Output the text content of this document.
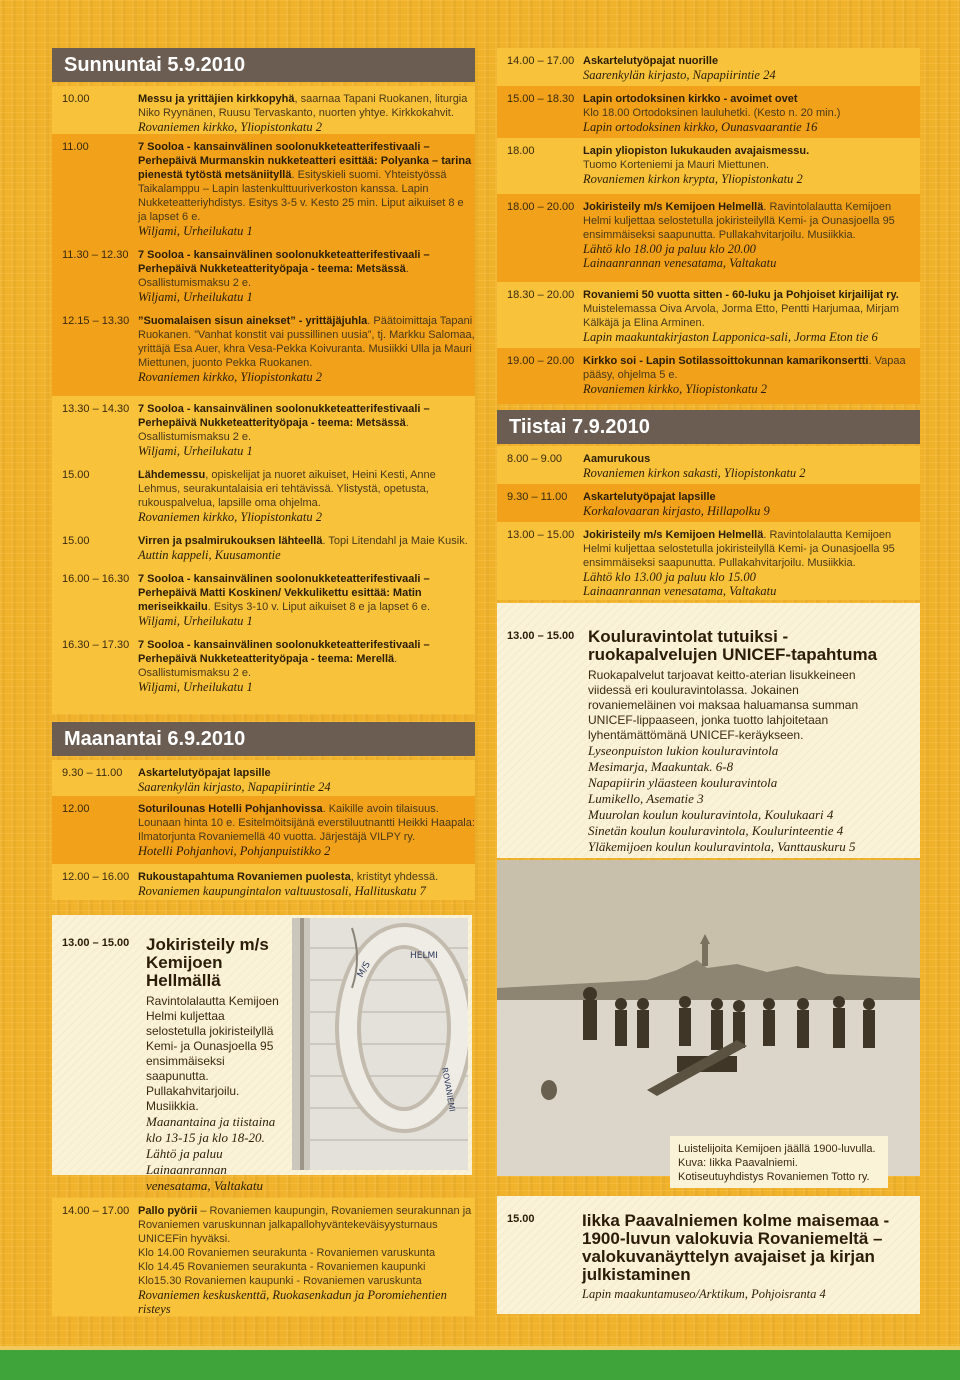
Sunnuntai 5.9.2010
10.00	Messu ja yrittäjien kirkkopyhä, saarnaa Tapani Ruokanen, liturgia Niko Ryynänen, Ruusu Tervaskanto, nuorten yhtye. Kirkkokahvit.
Rovaniemen kirkko, Yliopistonkatu 2
11.00	7 Sooloa - kansainvälinen soolonukketeatterifestivaali – Perhepäivä Murmanskin nukketeatteri esittää: Polyanka – tarina pienestä tytöstä metsäniityllä. Esityskieli suomi. Yhteistyössä Taikalamppu – Lapin lastenkulttuuriverkoston kanssa. Lapin Nukketeatteriyhdistys. Esitys 3-5 v. Kesto 25 min. Liput aikuiset 8 e ja lapset 6 e.
Wiljami, Urheilukatu 1
11.30 – 12.30 7 Sooloa - kansainvälinen soolonukketeatterifestivaali – Perhepäivä Nukketeatterityöpaja - teema: Metsässä. Osallistumismaksu 2 e.
Wiljami, Urheilukatu 1
12.15 – 13.30 ”Suomalaisen sisun ainekset” - yrittäjäjuhla. Päätoimittaja Tapani Ruokanen. ”Vanhat konstit vai pussillinen uusia”, tj. Markku Salomaa, yrittäjä Esa Auer, khra Vesa-Pekka Koivuranta. Musiikki Ulla ja Mauri Miettunen, juonto Pekka Ruokanen.
Rovaniemen kirkko, Yliopistonkatu 2
13.30 – 14.30 7 Sooloa - kansainvälinen soolonukketeatterifestivaali – Perhepäivä Nukketeatterityöpaja - teema: Metsässä. Osallistumismaksu 2 e.
Wiljami, Urheilukatu 1
15.00	Lähdemessu, opiskelijat ja nuoret aikuiset, Heini Kesti, Anne Lehmus, seurakuntalaisia eri tehtävissä. Ylistystä, opetusta, rukouspalvelua, lapsille oma ohjelma.
Rovaniemen kirkko, Yliopistonkatu 2
15.00	Virren ja psalmirukouksen lähteellä. Topi Litendahl ja Maie Kusik.
Auttin kappeli, Kuusamontie
16.00 – 16.30 7 Sooloa - kansainvälinen soolonukketeatterifestivaali – Perhepäivä Matti Koskinen/ Vekkulikettu esittää: Matin meriseikkailu. Esitys 3-10 v. Liput aikuiset 8 e ja lapset 6 e.
Wiljami, Urheilukatu 1
16.30 – 17.30 7 Sooloa - kansainvälinen soolonukketeatterifestivaali – Perhepäivä Nukketeatterityöpaja - teema: Merellä. Osallistumismaksu 2 e.
Wiljami, Urheilukatu 1
Maanantai 6.9.2010
9.30 – 11.00	Askartelutyöpajat lapsille
Saarenkylän kirjasto, Napapiirintie 24
12.00	Soturilounas Hotelli Pohjanhovissa. Kaikille avoin tilaisuus. Lounaan hinta 10 e. Esitelmöitsijänä everstiluutnantti Heikki Haapala: Ilmatorjunta Rovaniemellä 40 vuotta. Järjestäjä VILPY ry.
Hotelli Pohjanhovi, Pohjanpuistikko 2
12.00 – 16.00 Rukoustapahtuma Rovaniemen puolesta, kristityt yhdessä.
Rovaniemen kaupungintalon valtuustosali, Hallituskatu 7
13.00 – 15.00 Jokiristeily m/s Kemijoen Hellmällä
Ravintolalautta Kemijoen Helmi kuljettaa selostetulla jokiristeilyllä Kemi- ja Ounasjoella 95 ensimmäiseksi saapunutta. Pullakahvitarjoilu. Musiikkia.
Maanantaina ja tiistaina klo 13-15 ja klo 18-20. Lähtö ja paluu Lainaanrannan venesatama, Valtakatu
M/S
HELMI
ROVANIEMI
14.00 – 17.00 Pallo pyörii – Rovaniemen kaupungin, Rovaniemen seurakunnan ja Rovaniemen varuskunnan jalkapallohyväntekeväisyysturnaus UNICEFin hyväksi.
Klo 14.00 Rovaniemen seurakunta - Rovaniemen varuskunta
Klo 14.45 Rovaniemen seurakunta - Rovaniemen kaupunki
Klo15.30 Rovaniemen kaupunki - Rovaniemen varuskunta
Rovaniemen keskuskenttä, Ruokasenkadun ja Poromiehentien risteys
14.00 – 17.00 Askartelutyöpajat nuorille
Saarenkylän kirjasto, Napapiirintie 24
15.00 – 18.30 Lapin ortodoksinen kirkko - avoimet ovet
Klo 18.00 Ortodoksinen lauluhetki. (Kesto n. 20 min.)
Lapin ortodoksinen kirkko, Ounasvaarantie 16
18.00	Lapin yliopiston lukukauden avajaismessu.
Tuomo Korteniemi ja Mauri Miettunen.
Rovaniemen kirkon krypta, Yliopistonkatu 2
18.00 – 20.00 Jokiristeily m/s Kemijoen Helmellä. Ravintolalautta Kemijoen Helmi kuljettaa selostetulla jokiristeilyllä Kemi- ja Ounasjoella 95 ensimmäiseksi saapunutta. Pullakahvitarjoilu. Musiikkia.
Lähtö klo 18.00 ja paluu klo 20.00
Lainaanrannan venesatama, Valtakatu
18.30 – 20.00 Rovaniemi 50 vuotta sitten - 60-luku ja Pohjoiset kirjailijat ry.
Muistelemassa Oiva Arvola, Jorma Etto, Pentti Harjumaa, Mirjam Kälkäjä ja Elina Arminen.
Lapin maakuntakirjaston Lapponica-sali, Jorma Eton tie 6
19.00 – 20.00 Kirkko soi - Lapin Sotilassoittokunnan kamarikonsertti. Vapaa pääsy, ohjelma 5 e.
Rovaniemen kirkko, Yliopistonkatu 2
Tiistai 7.9.2010
8.00 – 9.00	Aamurukous
Rovaniemen kirkon sakasti, Yliopistonkatu 2
9.30 – 11.00	Askartelutyöpajat lapsille
Korkalovaaran kirjasto, Hillapolku 9
13.00 – 15.00 Jokiristeily m/s Kemijoen Helmellä. Ravintolalautta Kemijoen Helmi kuljettaa selostetulla jokiristeilyllä Kemi- ja Ounasjoella 95 ensimmäiseksi saapunutta. Pullakahvitarjoilu. Musiikkia.
Lähtö klo 13.00 ja paluu klo 15.00
Lainaanrannan venesatama, Valtakatu
13.00 – 15.00 Kouluravintolat tutuiksi - ruokapalvelujen UNICEF-tapahtuma
Ruokapalvelut tarjoavat keitto-aterian lisukkeineen viidessä eri kouluravintolassa. Jokainen rovaniemeläinen voi maksaa haluamansa summan UNICEF-lippaaseen, jonka tuotto lahjoitetaan lyhentämättömänä UNICEF-keräykseen.
Lyseonpuiston lukion kouluravintola
Mesimarja, Maakuntak. 6-8
Napapiirin yläasteen kouluravintola
Lumikello, Asematie 3
Muurolan koulun kouluravintola, Koulukaari 4
Sinetän koulun kouluravintola, Koulurinteentie 4
Yläkemijoen koulun kouluravintola, Vanttauskuru 5
Luistelijoita Kemijoen jäällä 1900-luvulla. Kuva: Iikka Paavalniemi. Kotiseutuyhdistys Rovaniemen Totto ry.
15.00	Iikka Paavalniemen kolme maisemaa - 1900-luvun valokuvia Rovaniemeltä – valokuvanäyttelyn avajaiset ja kirjan julkistaminen
Lapin maakuntamuseo/Arktikum, Pohjoisranta 4
